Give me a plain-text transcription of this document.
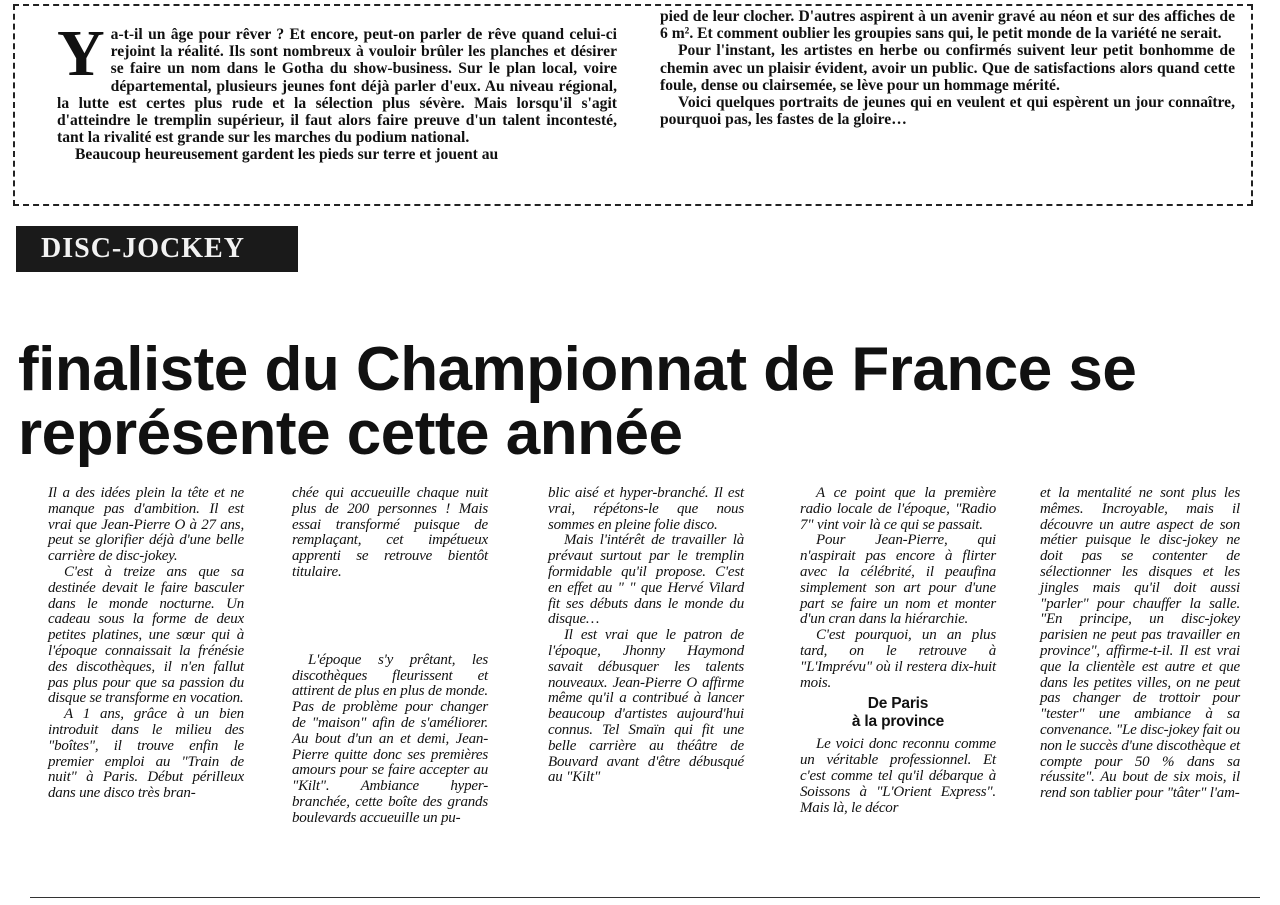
Y a-t-il un âge pour rêver ? Et encore, peut-on parler de rêve quand celui-ci rejoint la réalité. Ils sont nombreux à vouloir brûler les planches et désirer se faire un nom dans le Gotha du show-business. Sur le plan local, voire départemental, plusieurs jeunes font déjà parler d'eux. Au niveau régional, la lutte est certes plus rude et la sélection plus sévère. Mais lorsqu'il s'agit d'atteindre le tremplin supérieur, il faut alors faire preuve d'un talent incontesté, tant la rivalité est grande sur les marches du podium national.

Beaucoup heureusement gardent les pieds sur terre et jouent au

pied de leur clocher. D'autres aspirent à un avenir gravé au néon et sur des affiches de 6 m². Et comment oublier les groupies sans qui, le petit monde de la variété ne serait.

Pour l'instant, les artistes en herbe ou confirmés suivent leur petit bonhomme de chemin avec un plaisir évident, avoir un public. Que de satisfactions alors quand cette foule, dense ou clairsemée, se lève pour un hommage mérité.

Voici quelques portraits de jeunes qui en veulent et qui espèrent un jour connaître, pourquoi pas, les fastes de la gloire…

DISC-JOCKEY
finaliste du Championnat de France se représente cette année

Il a des idées plein la tête et ne manque pas d'ambition. Il est vrai que Jean-Pierre O à 27 ans, peut se glorifier déjà d'une belle carrière de disc-jokey.

C'est à treize ans que sa destinée devait le faire basculer dans le monde nocturne. Un cadeau sous la forme de deux petites platines, une sœur qui à l'époque connaissait la frénésie des discothèques, il n'en fallut pas plus pour que sa passion du disque se transforme en vocation.

A 1 ans, grâce à un bien introduit dans le milieu des "boîtes", il trouve enfin le premier emploi au "Train de nuit" à Paris. Début périlleux dans une disco très bran-

chée qui accueuille chaque nuit plus de 200 personnes ! Mais essai transformé puisque de remplaçant, cet impétueux apprenti se retrouve bientôt titulaire.

L'époque s'y prêtant, les discothèques fleurissent et attirent de plus en plus de monde. Pas de problème pour changer de "maison" afin de s'améliorer. Au bout d'un an et demi, Jean-Pierre quitte donc ses premières amours pour se faire accepter au "Kilt". Ambiance hyper-branchée, cette boîte des grands boulevards accueuille un pu-

blic aisé et hyper-branché. Il est vrai, répétons-le que nous sommes en pleine folie disco.

Mais l'intérêt de travailler là prévaut surtout par le tremplin formidable qu'il propose. C'est en effet au " " que Hervé Vilard fit ses débuts dans le monde du disque…

Il est vrai que le patron de l'époque, Jhonny Haymond savait débusquer les talents nouveaux. Jean-Pierre O affirme même qu'il a contribué à lancer beaucoup d'artistes aujourd'hui connus. Tel Smaïn qui fit une belle carrière au théâtre de Bouvard avant d'être débusqué au "Kilt"

A ce point que la première radio locale de l'époque, "Radio 7" vint voir là ce qui se passait.

Pour Jean-Pierre, qui n'aspirait pas encore à flirter avec la célébrité, il peaufina simplement son art pour d'une part se faire un nom et monter d'un cran dans la hiérarchie.

C'est pourquoi, un an plus tard, on le retrouve à "L'Imprévu" où il restera dix-huit mois.

De Paris
à la province

Le voici donc reconnu comme un véritable professionnel. Et c'est comme tel qu'il débarque à Soissons à "L'Orient Express". Mais là, le décor

et la mentalité ne sont plus les mêmes. Incroyable, mais il découvre un autre aspect de son métier puisque le disc-jokey ne doit pas se contenter de sélectionner les disques et les jingles mais qu'il doit aussi "parler" pour chauffer la salle. "En principe, un disc-jokey parisien ne peut pas travailler en province", affirme-t-il. Il est vrai que la clientèle est autre et que dans les petites villes, on ne peut pas changer de trottoir pour "tester" une ambiance à sa convenance. "Le disc-jokey fait ou non le succès d'une discothèque et compte pour 50 % dans sa réussite". Au bout de six mois, il rend son tablier pour "tâter" l'am-
